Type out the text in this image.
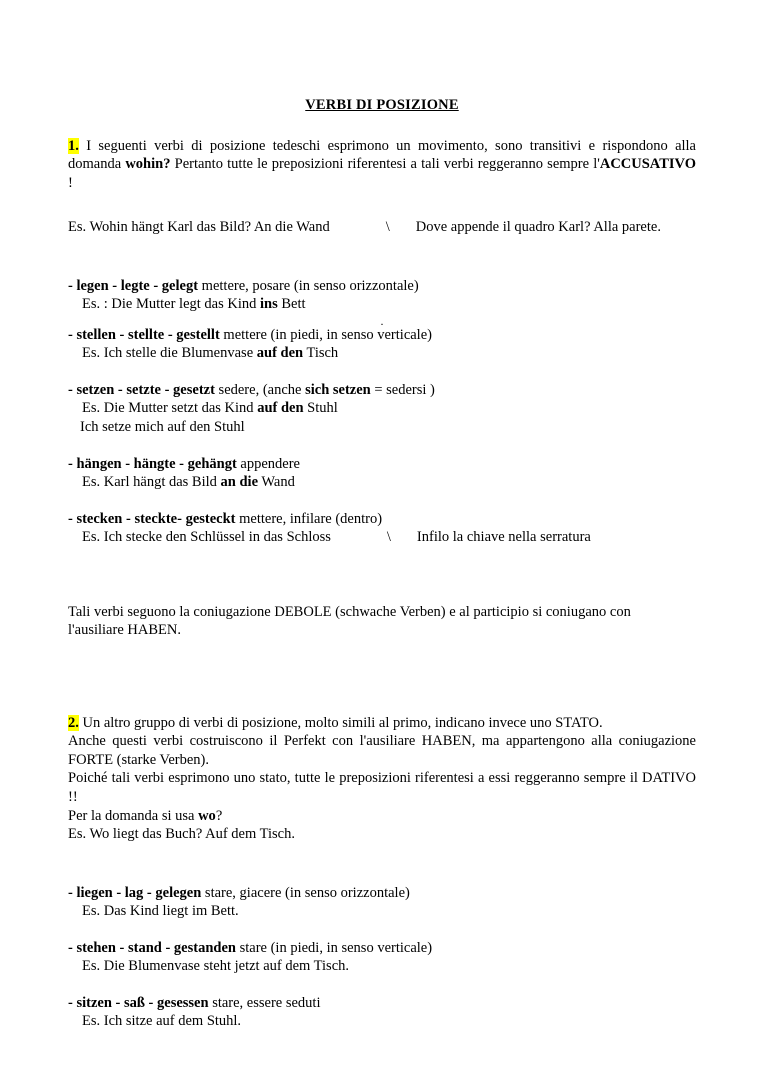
VERBI DI POSIZIONE

1. I seguenti verbi di posizione tedeschi esprimono un movimento, sono transitivi e rispondono alla domanda wohin? Pertanto tutte le preposizioni riferentesi a tali verbi reggeranno sempre l'ACCUSATIVO !

Es. Wohin hängt Karl das Bild? An die Wand	\ Dove appende il quadro Karl? Alla parete.

- legen - legte - gelegt mettere, posare (in senso orizzontale)

Es. : Die Mutter legt das Kind ins Bett

.

- stellen - stellte - gestellt mettere (in piedi, in senso verticale)

Es. Ich stelle die Blumenvase auf den Tisch

- setzen - setzte - gesetzt sedere, (anche sich setzen = sedersi )

Es. Die Mutter setzt das Kind auf den Stuhl

Ich setze mich auf den Stuhl

- hängen - hängte - gehängt appendere

Es. Karl hängt das Bild an die Wand

- stecken - steckte- gesteckt mettere, infilare (dentro)

Es. Ich stecke den Schlüssel in das Schloss	\ Infilo la chiave nella serratura

Tali verbi seguono la coniugazione DEBOLE (schwache Verben) e al participio si coniugano con

l'ausiliare HABEN.

2. Un altro gruppo di verbi di posizione, molto simili al primo, indicano invece uno STATO.

Anche questi verbi costruiscono il Perfekt con l'ausiliare HABEN, ma appartengono alla coniugazione FORTE (starke Verben).

Poiché tali verbi esprimono uno stato, tutte le preposizioni riferentesi a essi reggeranno sempre il DATIVO !!

Per la domanda si usa wo?

Es. Wo liegt das Buch? Auf dem Tisch.

- liegen - lag - gelegen stare, giacere (in senso orizzontale)

Es. Das Kind liegt im Bett.

- stehen - stand - gestanden stare (in piedi, in senso verticale)

Es. Die Blumenvase steht jetzt auf dem Tisch.

- sitzen - saß - gesessen stare, essere seduti

Es. Ich sitze auf dem Stuhl.
